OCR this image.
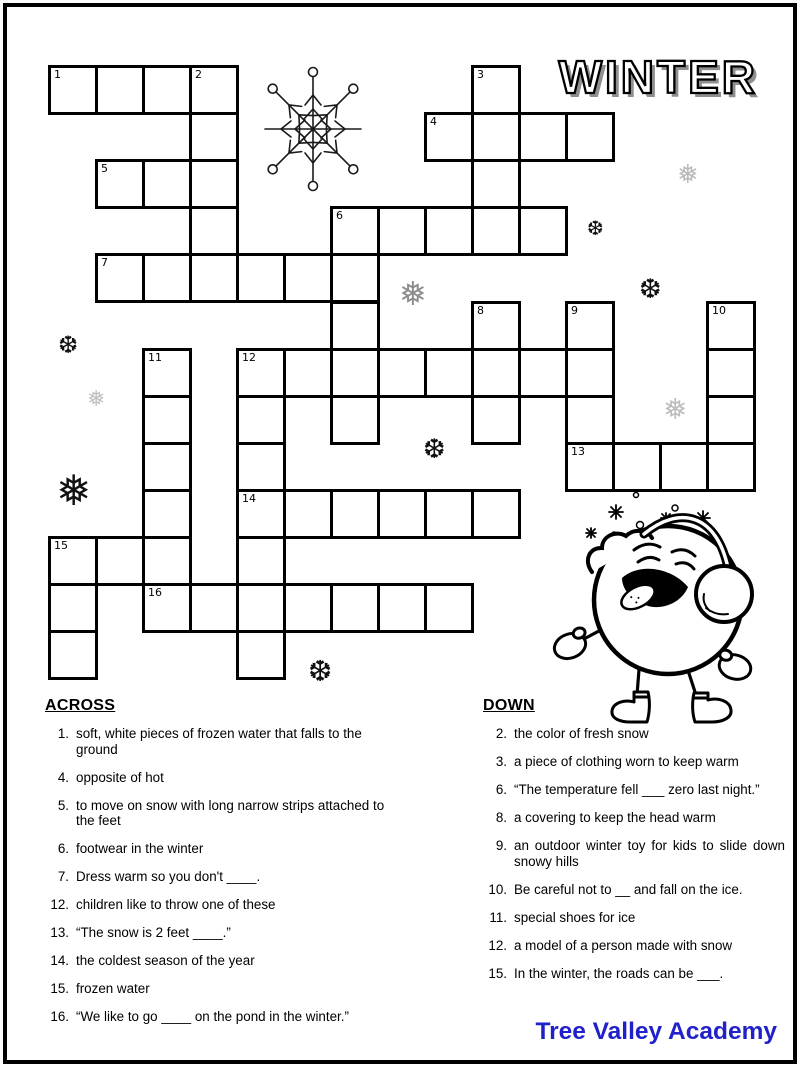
WINTER
1	2	3
4
5
6
7
8	9	10
11	12
13
14
15
16
❅
❆
❆
❅
❆
❅	❅
❆
❅
❆
ACROSS
1. soft, white pieces of frozen water that falls to the ground
4. opposite of hot
5. to move on snow with long narrow strips attached to the feet
6. footwear in the winter
7. Dress warm so you don't ____.
12. children like to throw one of these
13. “The snow is 2 feet ____.”
14. the coldest season of the year
15. frozen water
16. “We like to go ____ on the pond in the winter.”
DOWN
2. the color of fresh snow
3. a piece of clothing worn to keep warm
6. “The temperature fell ___ zero last night.”
8. a covering to keep the head warm
9. an outdoor winter toy for kids to slide down snowy hills
10. Be careful not to __ and fall on the ice.
11. special shoes for ice
12. a model of a person made with snow
15. In the winter, the roads can be ___.
Tree Valley Academy
